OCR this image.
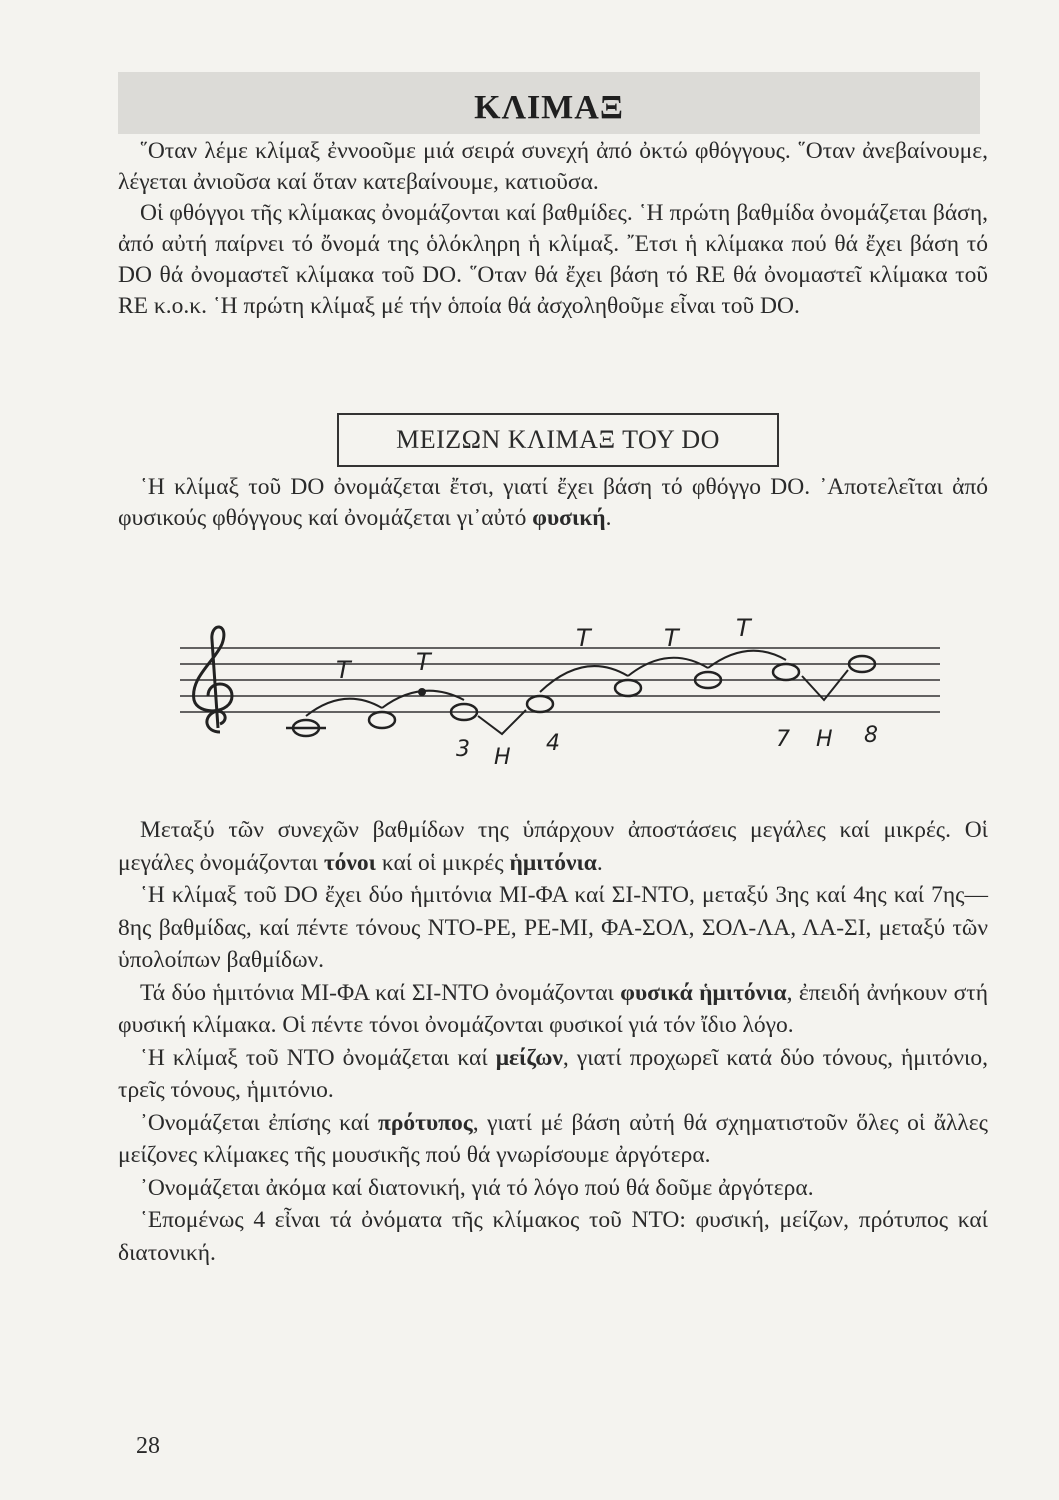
ΚΛΙΜΑΞ

῞Οταν λέμε κλίμαξ ἐννοοῦμε μιά σειρά συνεχή ἀπό ὀκτώ φθόγγους. ῞Οταν ἀνεβαίνουμε, λέγεται ἀνιοῦσα καί ὅταν κατεβαίνουμε, κατιοῦσα.

Οἱ φθόγγοι τῆς κλίμακας ὀνομάζονται καί βαθμίδες. ῾Η πρώτη βαθμίδα ὀνομάζεται βάση, ἀπό αὐτή παίρνει τό ὄνομά της ὁλόκληρη ἡ κλίμαξ. ῎Ετσι ἡ κλίμακα πού θά ἔχει βάση τό DO θά ὀνομαστεῖ κλίμακα τοῦ DO. ῞Οταν θά ἔχει βάση τό RE θά ὀνομαστεῖ κλίμακα τοῦ RE κ.ο.κ. ῾Η πρώτη κλίμαξ μέ τήν ὁποία θά ἀσχοληθοῦμε εἶναι τοῦ DO.

ΜΕΙΖΩΝ ΚΛΙΜΑΞ ΤΟΥ DO

῾Η κλίμαξ τοῦ DO ὀνομάζεται ἔτσι, γιατί ἔχει βάση τό φθόγγο DO. ᾿Αποτελεῖται ἀπό φυσικούς φθόγγους καί ὀνομάζεται γι᾿αὐτό φυσική.

T	T
T	T T
3 H
4	7 H 8

Μεταξύ τῶν συνεχῶν βαθμίδων της ὑπάρχουν ἀποστάσεις μεγάλες καί μικρές. Οἱ μεγάλες ὀνομάζονται τόνοι καί οἱ μικρές ἡμιτόνια.

῾Η κλίμαξ τοῦ DO ἔχει δύο ἡμιτόνια ΜΙ-ΦΑ καί ΣΙ-ΝΤΟ, μεταξύ 3ης καί 4ης καί 7ης—8ης βαθμίδας, καί πέντε τόνους ΝΤΟ-ΡΕ, ΡΕ-ΜΙ, ΦΑ-ΣΟΛ, ΣΟΛ-ΛΑ, ΛΑ-ΣΙ, μεταξύ τῶν ὑπολοίπων βαθμίδων.

Τά δύο ἡμιτόνια ΜΙ-ΦΑ καί ΣΙ-ΝΤΟ ὀνομάζονται φυσικά ἡμιτόνια, ἐπειδή ἀνήκουν στή φυσική κλίμακα. Οἱ πέντε τόνοι ὀνομάζονται φυσικοί γιά τόν ἴδιο λόγο.

῾Η κλίμαξ τοῦ ΝΤΟ ὀνομάζεται καί μείζων, γιατί προχωρεῖ κατά δύο τόνους, ἡμιτόνιο, τρεῖς τόνους, ἡμιτόνιο.

᾿Ονομάζεται ἐπίσης καί πρότυπος, γιατί μέ βάση αὐτή θά σχηματιστοῦν ὅλες οἱ ἄλλες μείζονες κλίμακες τῆς μουσικῆς πού θά γνωρίσουμε ἀργότερα.

᾿Ονομάζεται ἀκόμα καί διατονική, γιά τό λόγο πού θά δοῦμε ἀργότερα.

῾Επομένως 4 εἶναι τά ὀνόματα τῆς κλίμακος τοῦ ΝΤΟ: φυσική, μείζων, πρότυπος καί διατονική.

28
